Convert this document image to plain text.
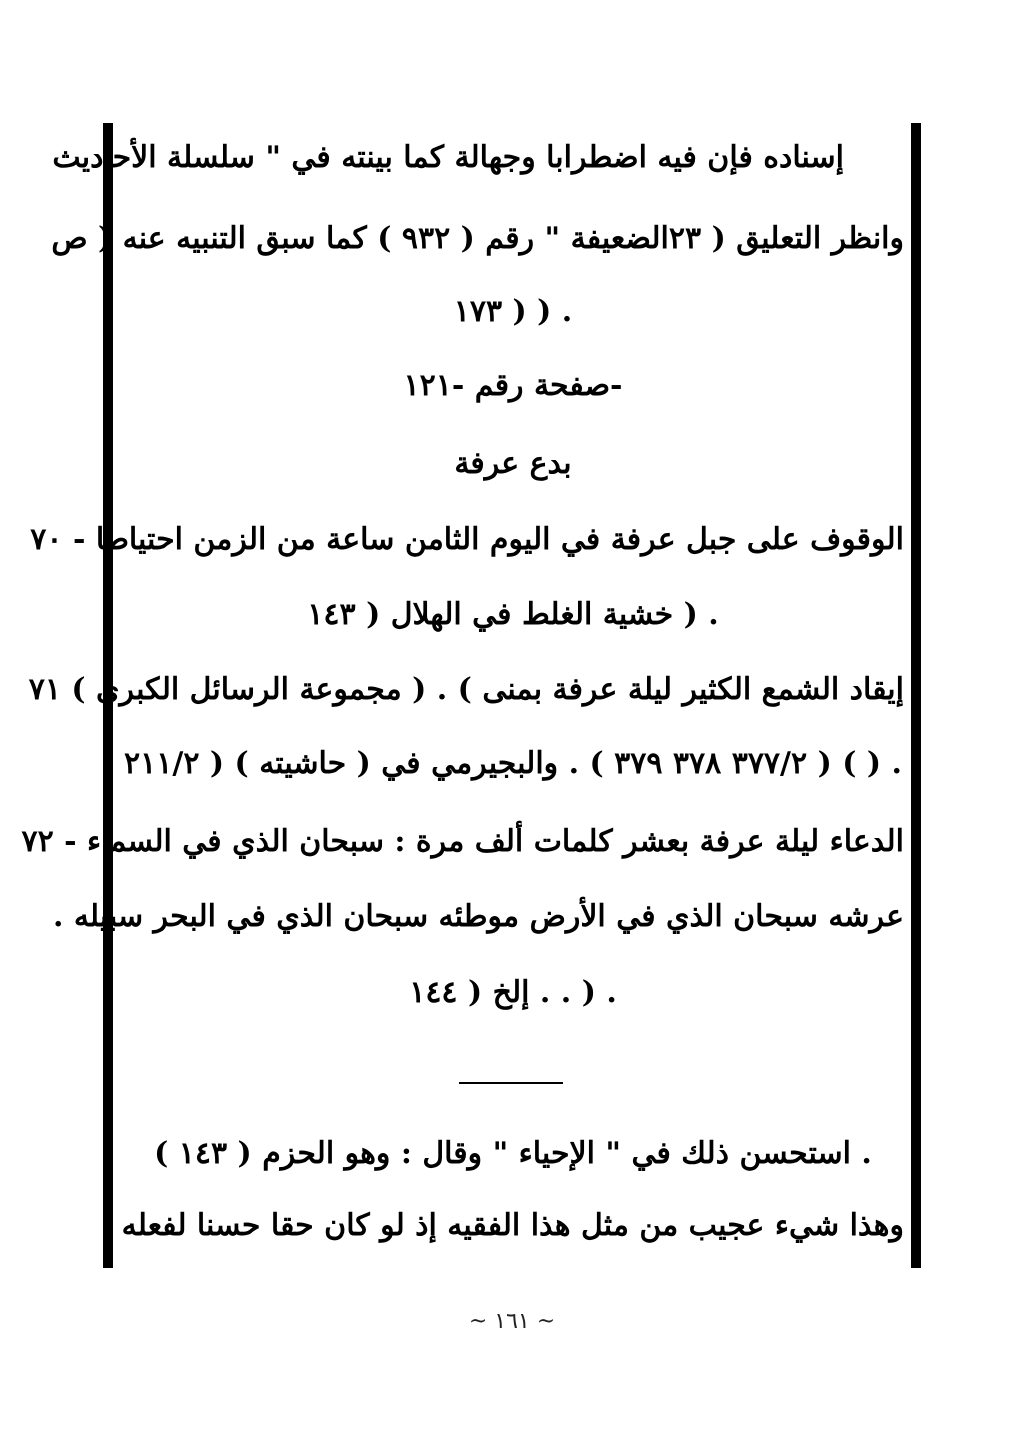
إسناده فإن فيه اضطرابا وجهالة كما بينته في " سلسلة الأحاديث
وانظر التعليق ( ٢٣الضعيفة " رقم ( ٩٣٢ ) كما سبق التنبيه عنه ( ص
. ( ( ١٧٣
-صفحة رقم -١٢١
بدع عرفة
الوقوف على جبل عرفة في اليوم الثامن ساعة من الزمن احتياطا - ٧٠
. ( خشية الغلط في الهلال ( ١٤٣
إيقاد الشمع الكثير ليلة عرفة بمنى ) . ( مجموعة الرسائل الكبرى ) ٧١
. ( ) ( ٣٧٧/٢ ٣٧٨ ٣٧٩ ) . والبجيرمي في ( حاشيته ) ( ٢١١/٢
الدعاء ليلة عرفة بعشر كلمات ألف مرة : سبحان الذي في السماء - ٧٢
عرشه سبحان الذي في الأرض موطئه سبحان الذي في البحر سبيله .
. ( . . إلخ ( ١٤٤
. استحسن ذلك في " الإحياء " وقال : وهو الحزم ( ١٤٣ )
وهذا شيء عجيب من مثل هذا الفقيه إذ لو كان حقا حسنا لفعله
~ ١٦١ ~
